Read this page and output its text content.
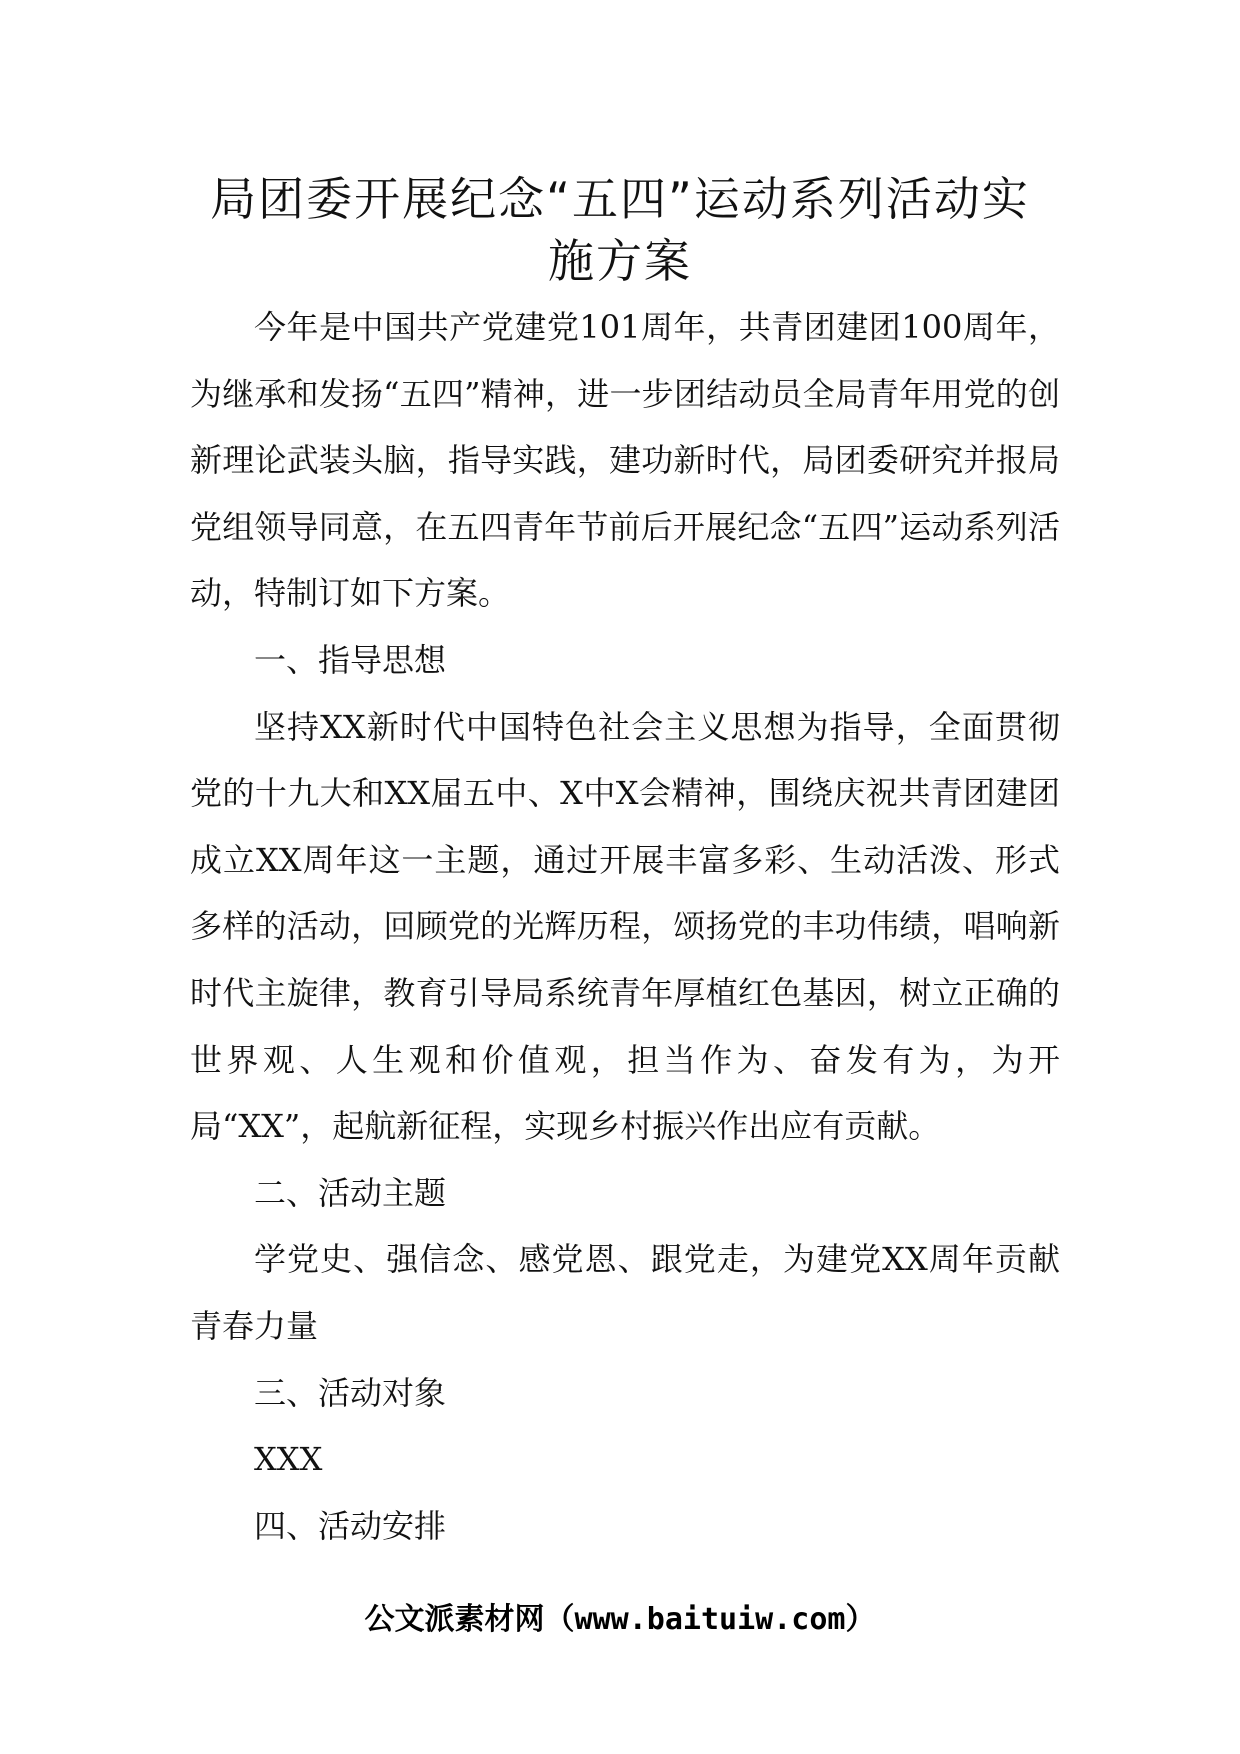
局团委开展纪念“五四”运动系列活动实
施方案

今年是中国共产党建党101周年，共青团建团100周年，为继承和发扬“五四”精神，进一步团结动员全局青年用党的创新理论武装头脑，指导实践，建功新时代，局团委研究并报局党组领导同意，在五四青年节前后开展纪念“五四”运动系列活动，特制订如下方案。

一、指导思想

坚持XX新时代中国特色社会主义思想为指导，全面贯彻党的十九大和XX届五中、X中X会精神，围绕庆祝共青团建团成立XX周年这一主题，通过开展丰富多彩、生动活泼、形式多样的活动，回顾党的光辉历程，颂扬党的丰功伟绩，唱响新时代主旋律，教育引导局系统青年厚植红色基因，树立正确的世界观、人生观和价值观，担当作为、奋发有为，为开局“XX”，起航新征程，实现乡村振兴作出应有贡献。

二、活动主题

学党史、强信念、感党恩、跟党走，为建党XX周年贡献青春力量

三、活动对象

XXX

四、活动安排

公文派素材网（www.baituiw.com）
